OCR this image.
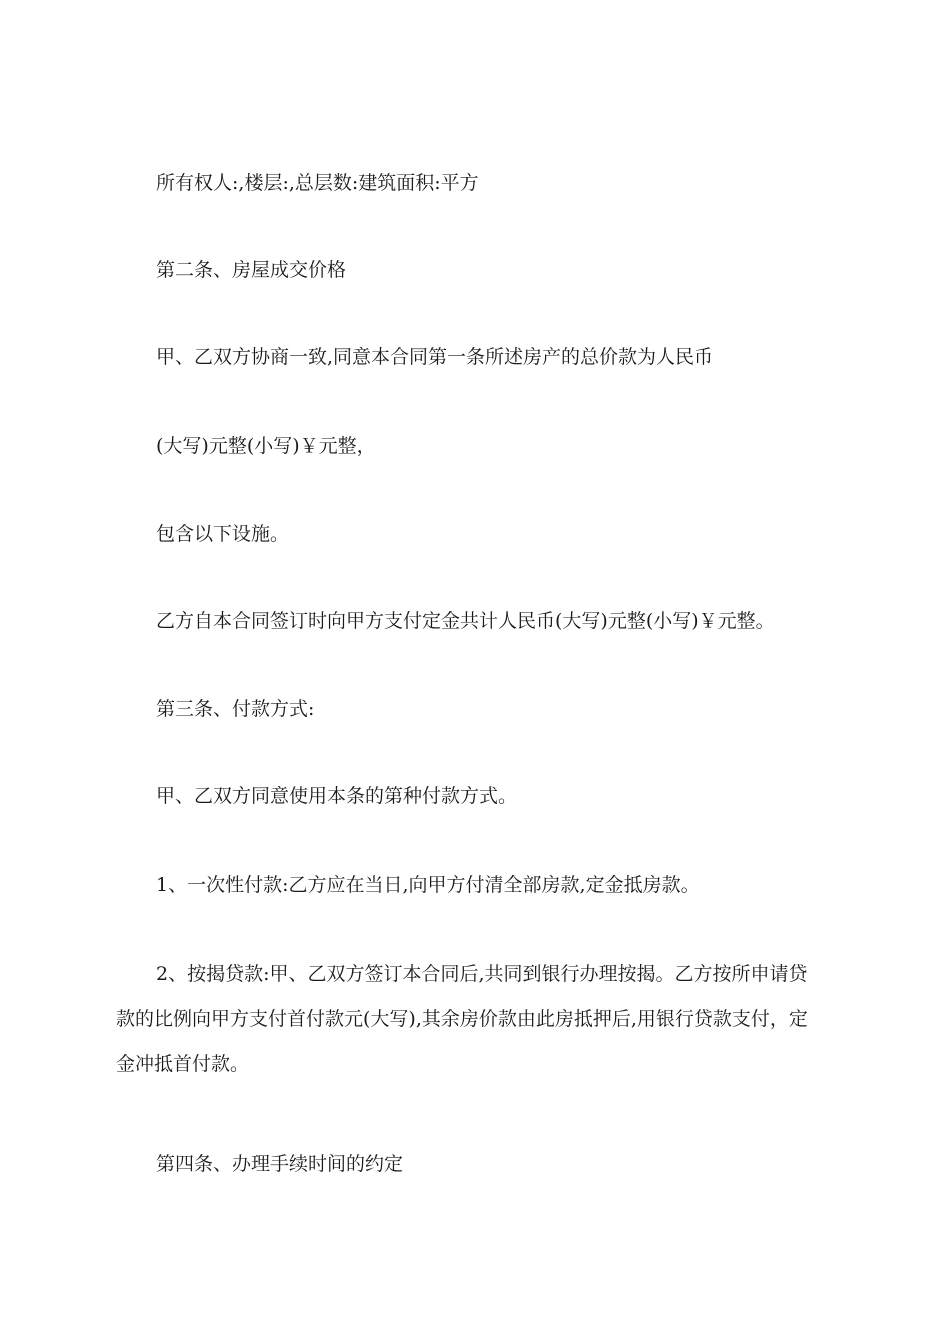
所有权人:,楼层:,总层数:建筑面积:平方
第二条、房屋成交价格
甲、乙双方协商一致,同意本合同第一条所述房产的总价款为人民币
(大写)元整(小写)￥元整，
包含以下设施。
乙方自本合同签订时向甲方支付定金共计人民币(大写)元整(小写)￥元整。
第三条、付款方式:
甲、乙双方同意使用本条的第种付款方式。
1、一次性付款:乙方应在当日,向甲方付清全部房款,定金抵房款。
2、按揭贷款:甲、乙双方签订本合同后,共同到银行办理按揭。乙方按所申请贷
款的比例向甲方支付首付款元(大写),其余房价款由此房抵押后,用银行贷款支付，定
金冲抵首付款。
第四条、办理手续时间的约定
